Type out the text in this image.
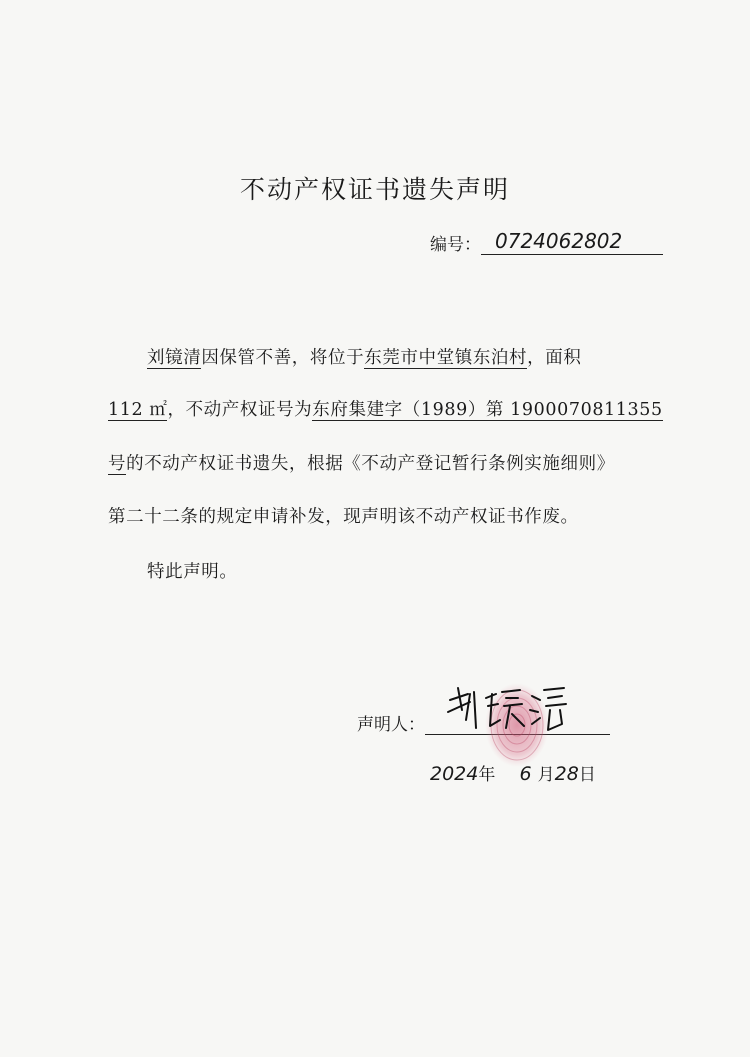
不动产权证书遗失声明
编号： 0724062802
刘镜清因保管不善，将位于东莞市中堂镇东泊村，面积
112 ㎡，不动产权证号为东府集建字（1989）第 1900070811355
号的不动产权证书遗失，根据《不动产登记暂行条例实施细则》
第二十二条的规定申请补发，现声明该不动产权证书作废。
特此声明。
声明人：
2024年 6 月28日
